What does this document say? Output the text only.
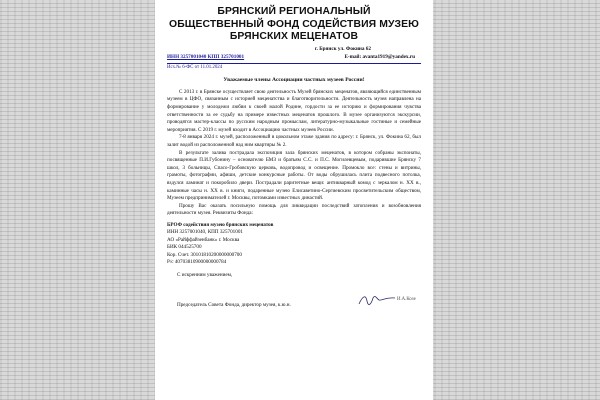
БРЯНСКИЙ РЕГИОНАЛЬНЫЙ
ОБЩЕСТВЕННЫЙ ФОНД СОДЕЙСТВИЯ МУЗЕЮ
БРЯНСКИХ МЕЦЕНАТОВ
г. Брянск ул. Фокина 62
ИНН 3257001040 КПП 325701001	E-mail: avanta1919@yandex.ru
Исх.№ 6-ФС от 11.01.2024
Уважаемые члены Ассоциации частных музеев России!

С 2013 г. в Брянске осуществляет свою деятельность Музей брянских меценатов, являющийся единственным музеем в ЦФО, связанным с историей меценатства и благотворительности. Деятельность музея направлена на формирование у молодежи любви к своей малой Родине, гордости за ее историю и формирования чувства ответственности за ее судьбу на примере известных меценатов прошлого. В музее организуются экскурсии, проводятся мастер-классы по русским народным промыслам, литературно-музыкальные гостиные и семейные мероприятия. С 2019 г. музей входит в Ассоциацию частных музеев России.

7-8 января 2024 г. музей, расположенный в цокольном этаже здания по адресу: г. Брянск, ул. Фокина 62, был залит водой из расположенной над ним квартиры № 2.

В результате залива пострадала экспозиция зала брянских меценатов, в котором собраны экспонаты, посвященные П.И.Губонину – основателю БМЗ и братьям С.С. и П.С. Могилевцевым, подарившие Брянску 7 школ, 3 больницы, Спасо-Гробовскую церковь, водопровод и освещение. Промокло все: стены и витрины, грамоты, фотографии, афиши, детские конкурсные работы. От воды обрушилась плита подвесного потолка, вздулся ламинат и покоробило двери. Пострадали раритетные вещи: антикварный комод с зеркалом н. XX в., каминные часы н. XX в. и книги, подаренные музею Елисаветино-Сергиевским просветительским обществом, Музеем предпринимателей г. Москвы, потомками известных династий.

Прошу Вас оказать посильную помощь для ликвидации последствий затопления и возобновления деятельности музея. Реквизиты Фонда:

БРОФ содействия музею брянских меценатов
ИНН 3257001040, КПП 325701001
АО «Райффайзенбанк» г. Москва
БИК 044525700
Кор. Счет. 30101810200000000700
Р/с 40703810900000000784
С искренним уважением,
Председатель Совета Фонда, директор музея, к.ю.н.
И.А.Козе
